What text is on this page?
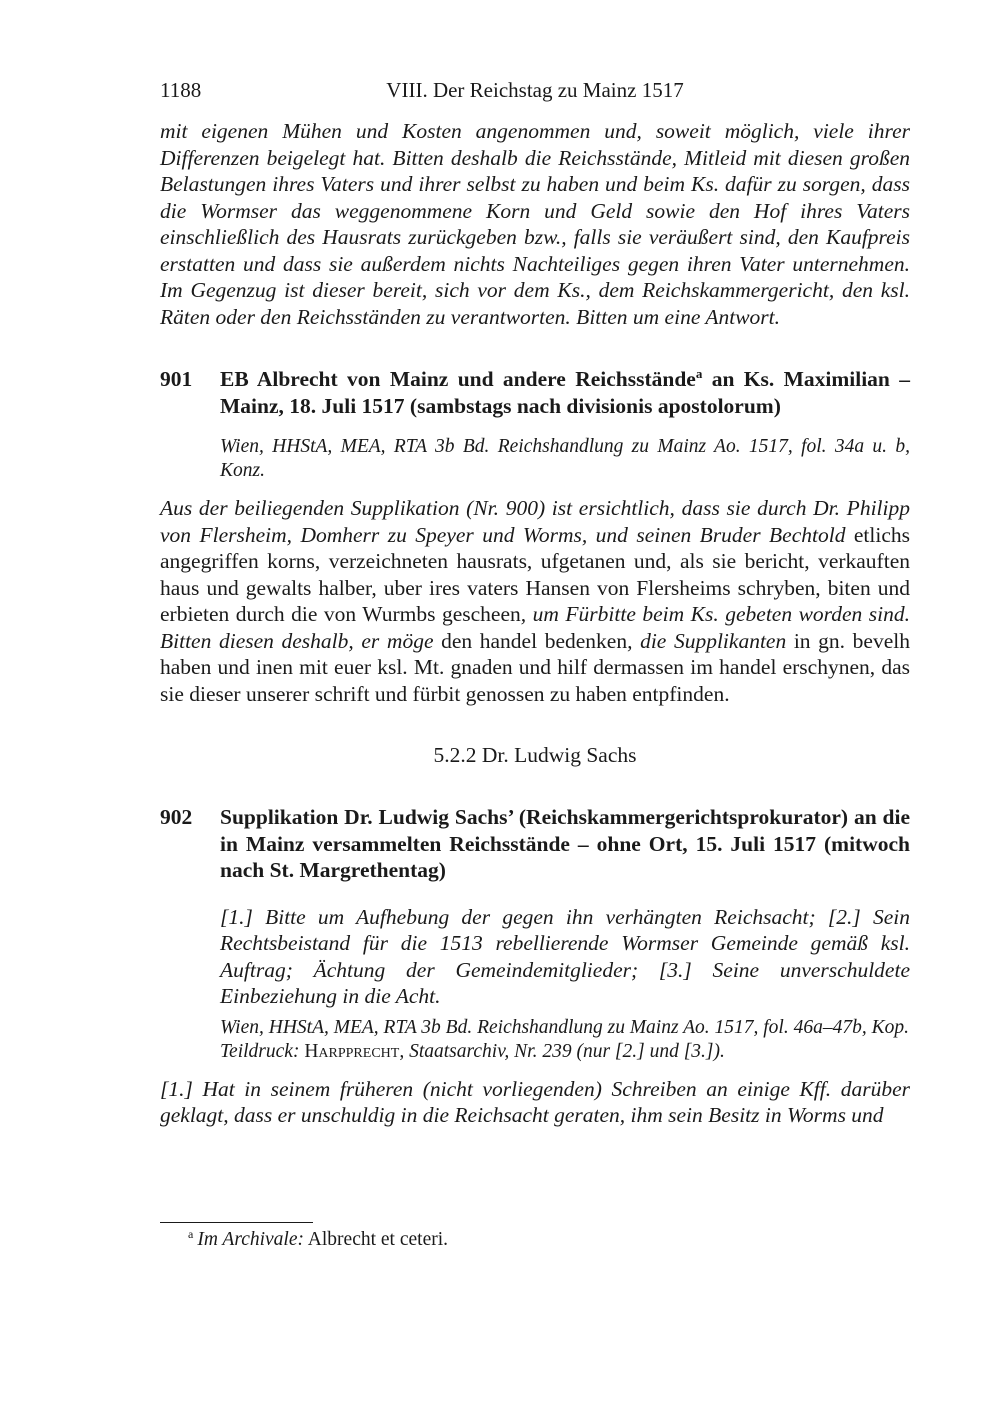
1188	VIII. Der Reichstag zu Mainz 1517

mit eigenen Mühen und Kosten angenommen und, soweit möglich, viele ihrer Differenzen beigelegt hat. Bitten deshalb die Reichsstände, Mitleid mit diesen großen Belastungen ihres Vaters und ihrer selbst zu haben und beim Ks. dafür zu sorgen, dass die Wormser das weggenommene Korn und Geld sowie den Hof ihres Vaters einschließlich des Hausrats zurückgeben bzw., falls sie veräußert sind, den Kaufpreis erstatten und dass sie außerdem nichts Nachteiliges gegen ihren Vater unternehmen. Im Gegenzug ist dieser bereit, sich vor dem Ks., dem Reichskammergericht, den ksl. Räten oder den Reichsständen zu verantworten. Bitten um eine Antwort.

901	EB Albrecht von Mainz und andere Reichsstände$^a$ an Ks. Maximilian – Mainz, 18. Juli 1517 (sambstags nach divisionis apostolorum)

Wien, HHStA, MEA, RTA 3b Bd. Reichshandlung zu Mainz Ao. 1517, fol. 34a u. b, Konz.

Aus der beiliegenden Supplikation (Nr. 900) ist ersichtlich, dass sie durch Dr. Philipp von Flersheim, Domherr zu Speyer und Worms, und seinen Bruder Bechtold etlichs angegriffen korns, verzeichneten hausrats, ufgetanen und, als sie bericht, verkauften haus und gewalts halber, uber ires vaters Hansen von Flersheims schryben, biten und erbieten durch die von Wurmbs gescheen, um Fürbitte beim Ks. gebeten worden sind. Bitten diesen deshalb, er möge den handel bedenken, die Supplikanten in gn. bevelh haben und inen mit euer ksl. Mt. gnaden und hilf dermassen im handel erschynen, das sie dieser unserer schrift und fürbit genossen zu haben entpfinden.

5.2.2 Dr. Ludwig Sachs
902	Supplikation Dr. Ludwig Sachs’ (Reichskammergerichtsprokurator) an die in Mainz versammelten Reichsstände – ohne Ort, 15. Juli 1517 (mitwoch nach St. Margrethentag)

[1.] Bitte um Aufhebung der gegen ihn verhängten Reichsacht; [2.] Sein Rechtsbeistand für die 1513 rebellierende Wormser Gemeinde gemäß ksl. Auftrag; Ächtung der Gemeindemitglieder; [3.] Seine unverschuldete Einbeziehung in die Acht.

Wien, HHStA, MEA, RTA 3b Bd. Reichshandlung zu Mainz Ao. 1517, fol. 46a–47b, Kop.

Teildruck: Harpprecht, Staatsarchiv, Nr. 239 (nur [2.] und [3.]).

[1.] Hat in seinem früheren (nicht vorliegenden) Schreiben an einige Kff. darüber geklagt, dass er unschuldig in die Reichsacht geraten, ihm sein Besitz in Worms und

$^a$ Im Archivale: Albrecht et ceteri.
